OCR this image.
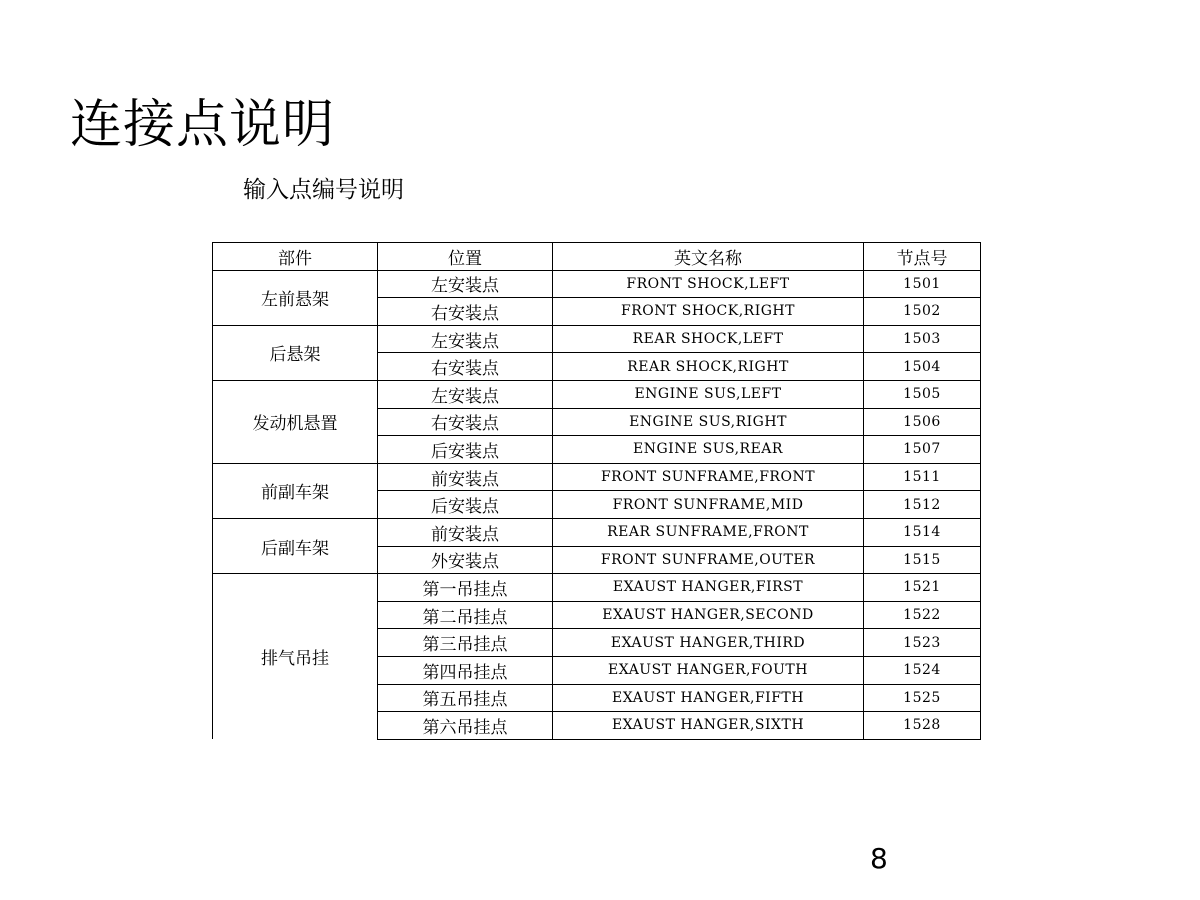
连接点说明
输入点编号说明
部件	位置	英文名称	节点号
左前悬架	左安装点	FRONT SHOCK,LEFT	1501
	右安装点	FRONT SHOCK,RIGHT	1502
后悬架	左安装点	REAR SHOCK,LEFT	1503
	右安装点	REAR SHOCK,RIGHT	1504
发动机悬置	左安装点	ENGINE SUS,LEFT	1505
	右安装点	ENGINE SUS,RIGHT	1506
	后安装点	ENGINE SUS,REAR	1507
前副车架	前安装点	FRONT SUNFRAME,FRONT	1511
	后安装点	FRONT SUNFRAME,MID	1512
后副车架	前安装点	REAR SUNFRAME,FRONT	1514
	外安装点	FRONT SUNFRAME,OUTER	1515
排气吊挂	第一吊挂点	EXAUST HANGER,FIRST	1521
	第二吊挂点	EXAUST HANGER,SECOND	1522
	第三吊挂点	EXAUST HANGER,THIRD	1523
	第四吊挂点	EXAUST HANGER,FOUTH	1524
	第五吊挂点	EXAUST HANGER,FIFTH	1525
	第六吊挂点	EXAUST HANGER,SIXTH	1528
8
